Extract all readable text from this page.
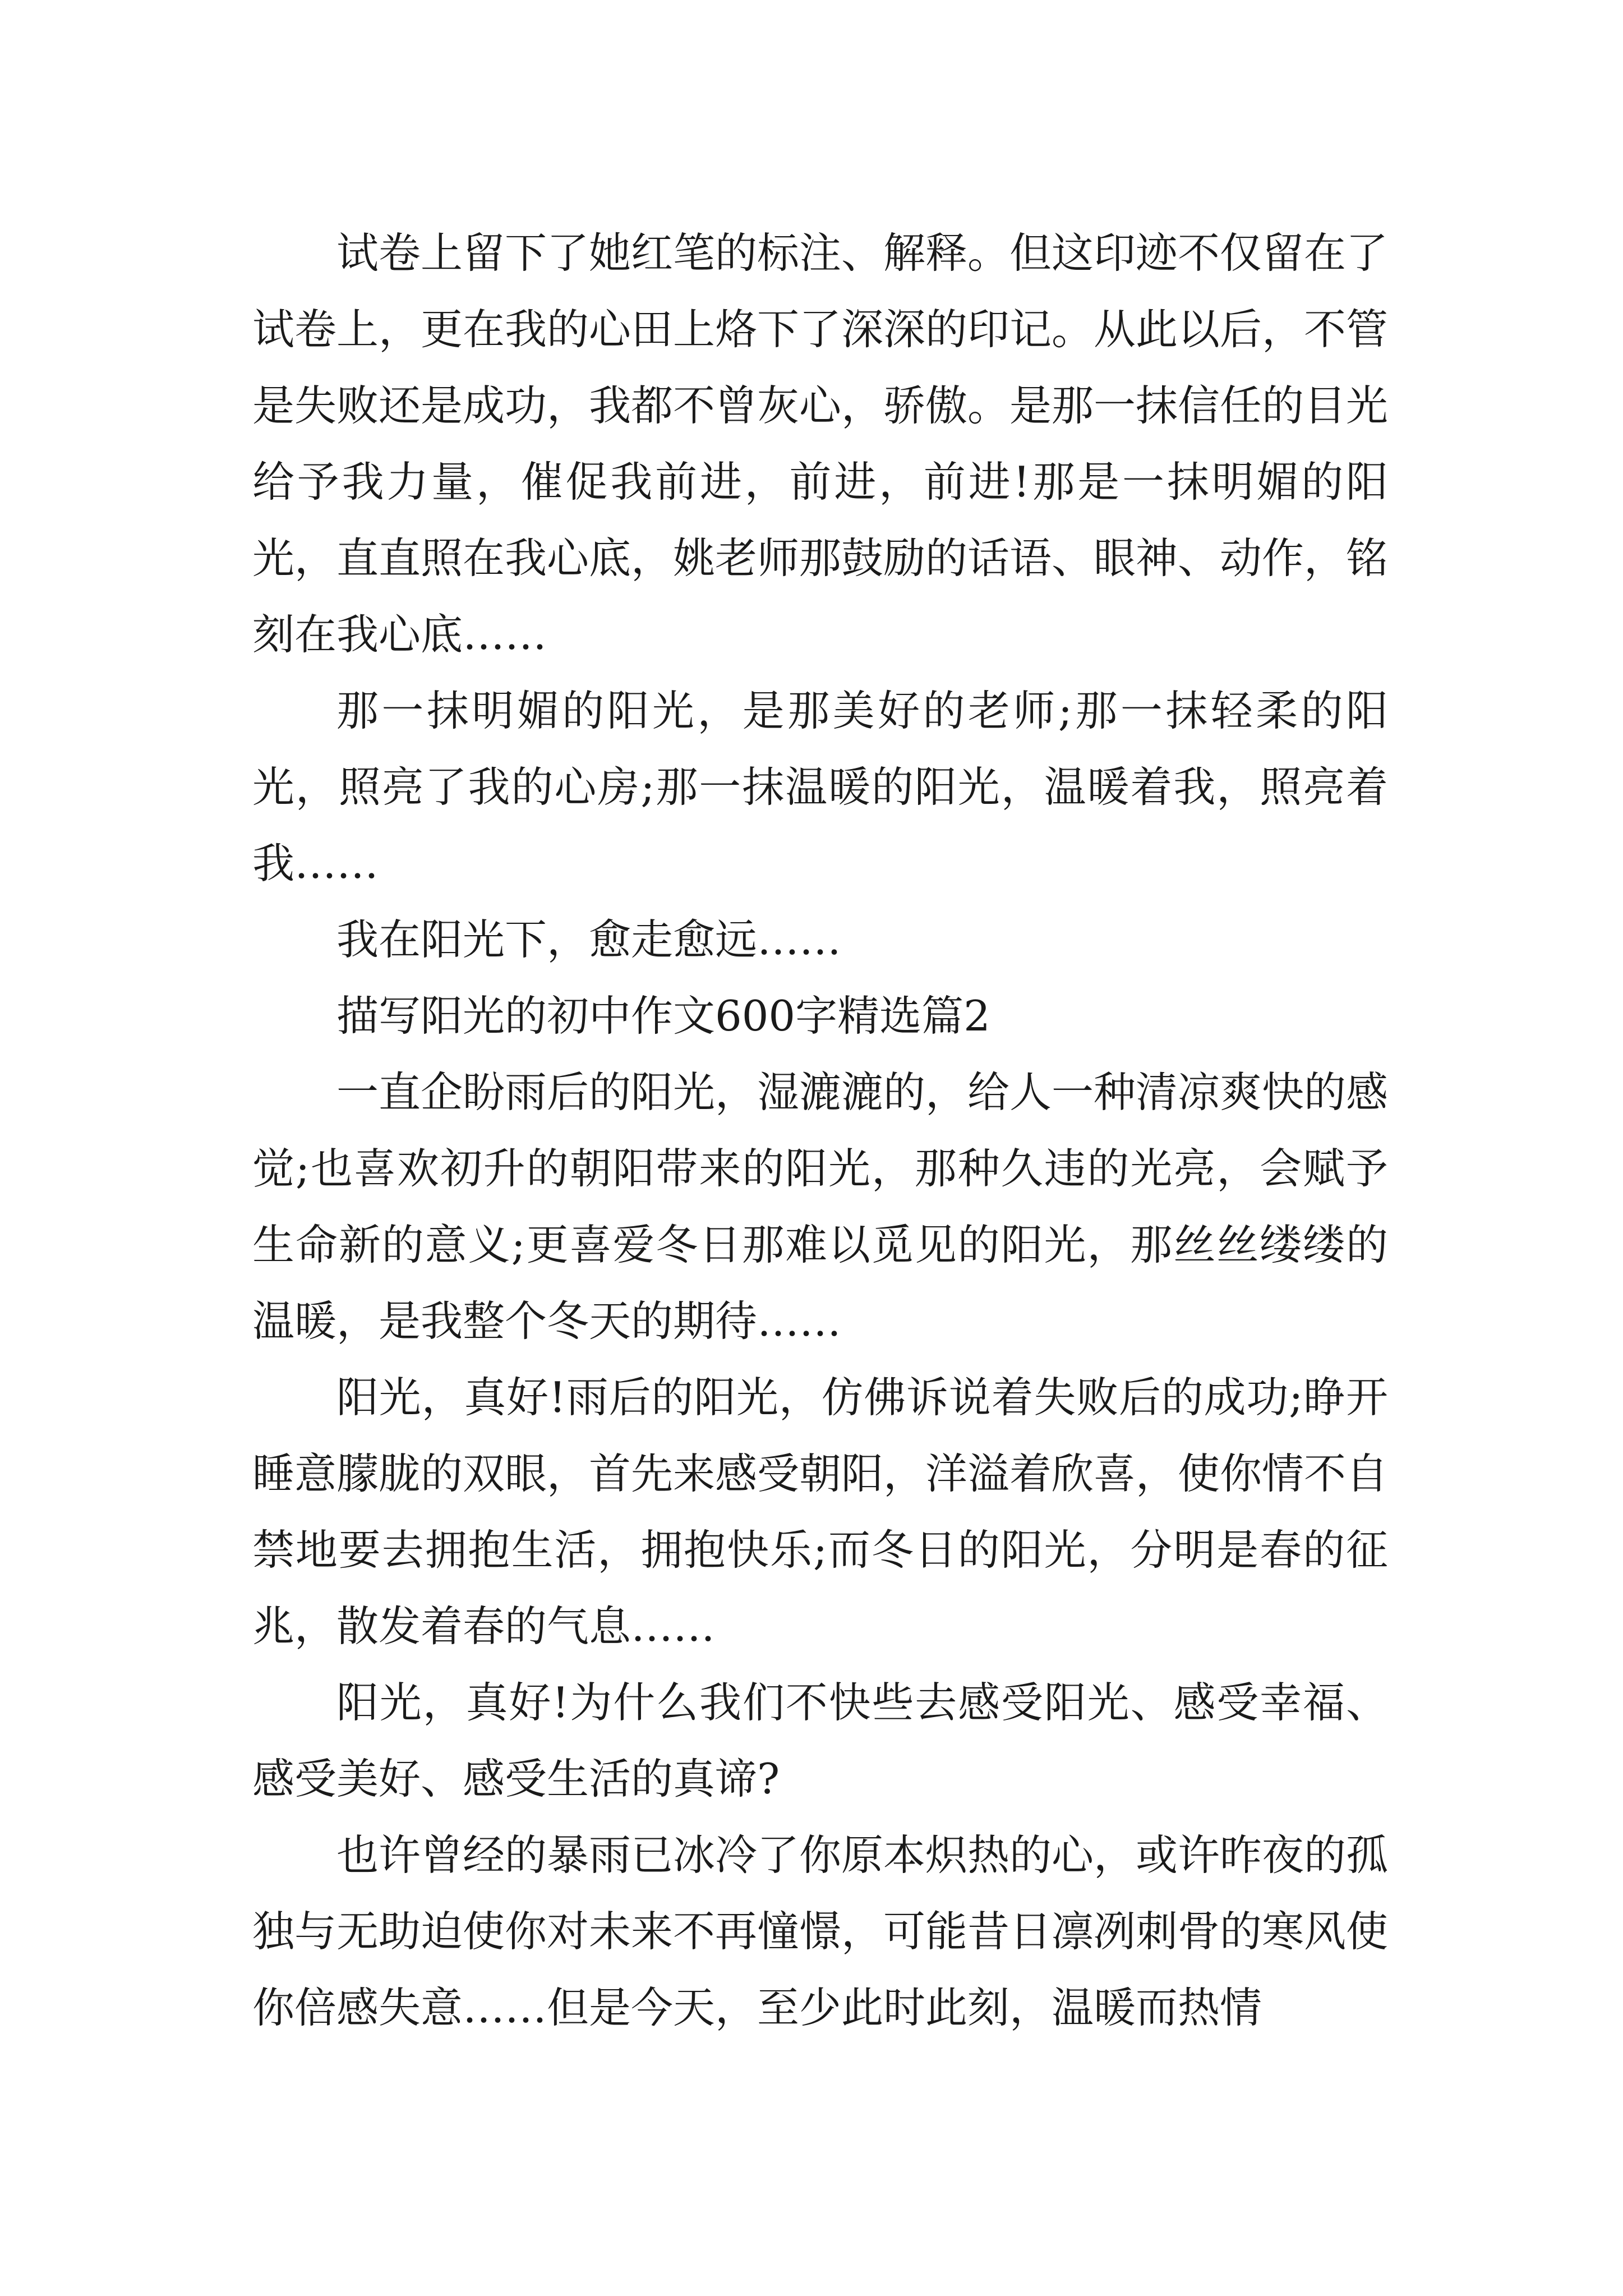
试卷上留下了她红笔的标注、解释。但这印迹不仅留在了试卷上，更在我的心田上烙下了深深的印记。从此以后，不管是失败还是成功，我都不曾灰心，骄傲。是那一抹信任的目光给予我力量，催促我前进，前进，前进!那是一抹明媚的阳光，直直照在我心底，姚老师那鼓励的话语、眼神、动作，铭刻在我心底……

那一抹明媚的阳光，是那美好的老师;那一抹轻柔的阳光，照亮了我的心房;那一抹温暖的阳光，温暖着我，照亮着我……

我在阳光下，愈走愈远……

描写阳光的初中作文600字精选篇2

一直企盼雨后的阳光，湿漉漉的，给人一种清凉爽快的感觉;也喜欢初升的朝阳带来的阳光，那种久违的光亮，会赋予生命新的意义;更喜爱冬日那难以觅见的阳光，那丝丝缕缕的温暖，是我整个冬天的期待……

阳光，真好!雨后的阳光，仿佛诉说着失败后的成功;睁开睡意朦胧的双眼，首先来感受朝阳，洋溢着欣喜，使你情不自禁地要去拥抱生活，拥抱快乐;而冬日的阳光，分明是春的征兆，散发着春的气息……

阳光，真好!为什么我们不快些去感受阳光、感受幸福、感受美好、感受生活的真谛?

也许曾经的暴雨已冰冷了你原本炽热的心，或许昨夜的孤独与无助迫使你对未来不再憧憬，可能昔日凛冽刺骨的寒风使你倍感失意……但是今天，至少此时此刻，温暖而热情
